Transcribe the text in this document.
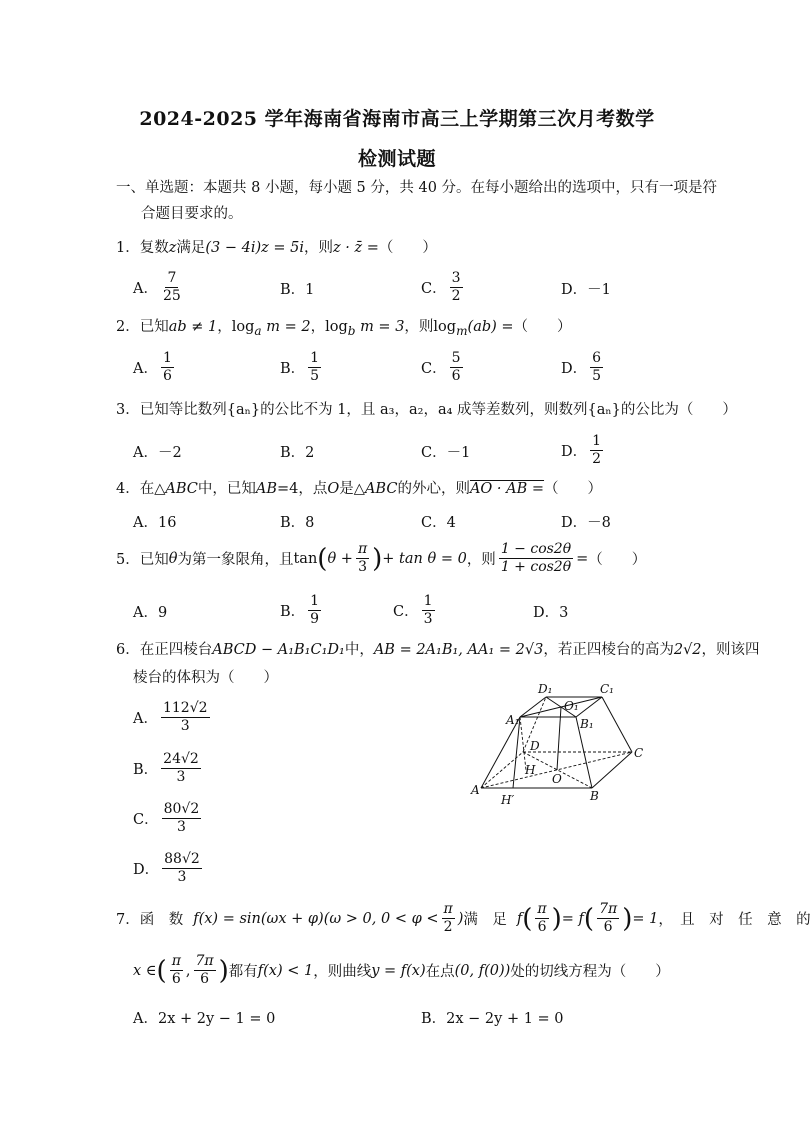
2024-2025 学年海南省海南市高三上学期第三次月考数学
检测试题
一、单选题：本题共 8 小题，每小题 5 分，共 40 分。在每小题给出的选项中，只有一项是符
合题目要求的。
1．复数z满足(3 − 4i)z = 5i，则z · z̄ =（　　）
A． $\frac{7}{25}$	B．1	C． $\frac{3}{2}$	D．－1
2．已知ab ≠ 1，$\log_a m = 2$，$\log_b m = 3$，则$\log_m(ab)$ =（　　）
A． $\frac{1}{6}$	B． $\frac{1}{5}$	C． $\frac{5}{6}$	D． $\frac{6}{5}$
3．已知等比数列{aₙ}的公比不为 1，且 a₃，a₂，a₄ 成等差数列，则数列{aₙ}的公比为（　　）
A．－2	B．2	C．－1	D． $\frac{1}{2}$
4．在△ABC中，已知AB=4，点O是△ABC的外心，则AO · AB =（　　）
A．16	B．8	C．4	D．－8
5．已知 θ 为第一象限角，且 tan ( $\theta + \frac{\pi}{3}$ ) + tan θ = 0 ，则 $\frac{1 - \cos 2\theta}{1 + \cos 2\theta}$ = （　　）
A．9	B． $\frac{1}{9}$	C． $\frac{1}{3}$	D．3
6．在正四棱台ABCD − A₁B₁C₁D₁中，AB = 2A₁B₁, AA₁ = 2√3，若正四棱台的高为2√2，则该四
棱台的体积为（　　）
A． $\frac{112√2}{3}$
B． $\frac{24√2}{3}$
C． $\frac{80√2}{3}$
D． $\frac{88√2}{3}$
D₁	C₁
O₁
A₁	B₁
D	C
H
O
A
H′	B
7．函　数 f(x) = sin(ωx + φ)(ω > 0, $0 < \varphi < \frac{\pi}{2}$ ) 满　足 f ( $\frac{\pi}{6}$ ) = f ( $\frac{7\pi}{6}$ ) = 1 ，　且　对　任　意　的
x ∈ ( $\frac{\pi}{6}$ , $\frac{7\pi}{6}$ ) 都有 f(x) < 1 ，则曲线 y = f(x) 在点 (0, f(0)) 处的切线方程为（　　）
A．2x + 2y − 1 = 0	B．2x − 2y + 1 = 0
